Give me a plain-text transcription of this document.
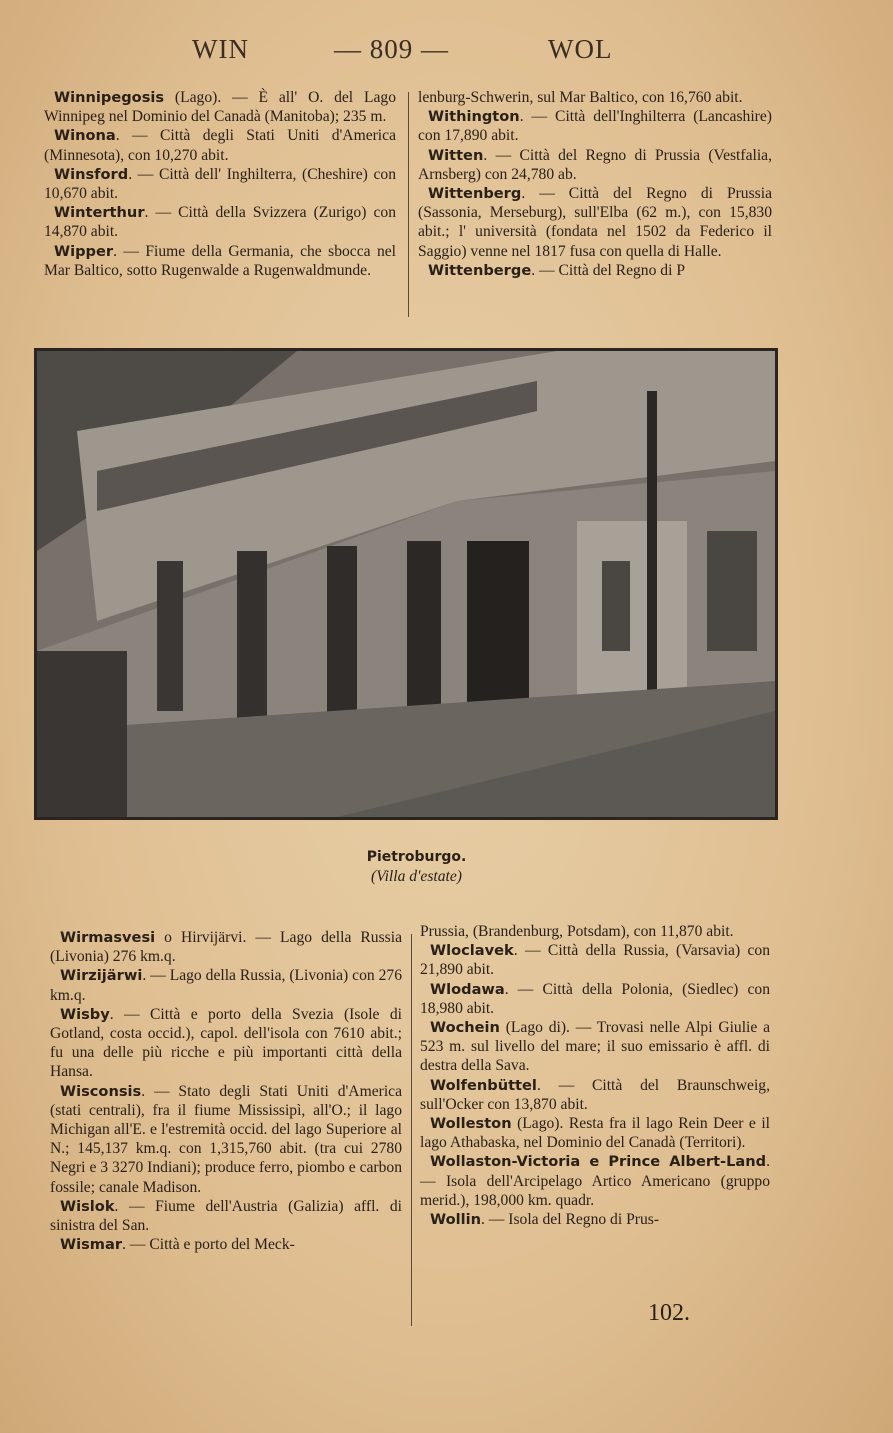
WIN	— 809 —	WOL

Winnipegosis (Lago). — È all' O. del Lago Winnipeg nel Dominio del Canadà (Manitoba); 235 m.

Winona. — Città degli Stati Uniti d'America (Minnesota), con 10,270 abit.

Winsford. — Città dell' Inghilterra, (Cheshire) con 10,670 abit.

Winterthur. — Città della Svizzera (Zurigo) con 14,870 abit.

Wipper. — Fiume della Germania, che sbocca nel Mar Baltico, sotto Rugenwalde a Rugenwaldmunde.

lenburg-Schwerin, sul Mar Baltico, con 16,760 abit.

Withington. — Città dell'Inghilterra (Lancashire) con 17,890 abit.

Witten. — Città del Regno di Prussia (Vestfalia, Arnsberg) con 24,780 ab.

Wittenberg. — Città del Regno di Prussia (Sassonia, Merseburg), sull'Elba (62 m.), con 15,830 abit.; l' università (fondata nel 1502 da Federico il Saggio) venne nel 1817 fusa con quella di Halle.

Wittenberge. — Città del Regno di P

Pietroburgo.
(Villa d'estate)

Wirmasvesi o Hirvijärvi. — Lago della Russia (Livonia) 276 km.q.

Wirzijärwi. — Lago della Russia, (Livonia) con 276 km.q.

Wisby. — Città e porto della Svezia (Isole di Gotland, costa occid.), capol. dell'isola con 7610 abit.; fu una delle più ricche e più importanti città della Hansa.

Wisconsis. — Stato degli Stati Uniti d'America (stati centrali), fra il fiume Mississipì, all'O.; il lago Michigan all'E. e l'estremità occid. del lago Superiore al N.; 145,137 km.q. con 1,315,760 abit. (tra cui 2780 Negri e 3 3270 Indiani); produce ferro, piombo e carbon fossile; canale Madison.

Wislok. — Fiume dell'Austria (Galizia) affl. di sinistra del San.

Wismar. — Città e porto del Meck-

Prussia, (Brandenburg, Potsdam), con 11,870 abit.

Wloclavek. — Città della Russia, (Varsavia) con 21,890 abit.

Wlodawa. — Città della Polonia, (Siedlec) con 18,980 abit.

Wochein (Lago di). — Trovasi nelle Alpi Giulie a 523 m. sul livello del mare; il suo emissario è affl. di destra della Sava.

Wolfenbüttel. — Città del Braunschweig, sull'Ocker con 13,870 abit.

Wolleston (Lago). Resta fra il lago Rein Deer e il lago Athabaska, nel Dominio del Canadà (Territori).

Wollaston-Victoria e Prince Albert-Land. — Isola dell'Arcipelago Artico Americano (gruppo merid.), 198,000 km. quadr.

Wollin. — Isola del Regno di Prus-

102.
